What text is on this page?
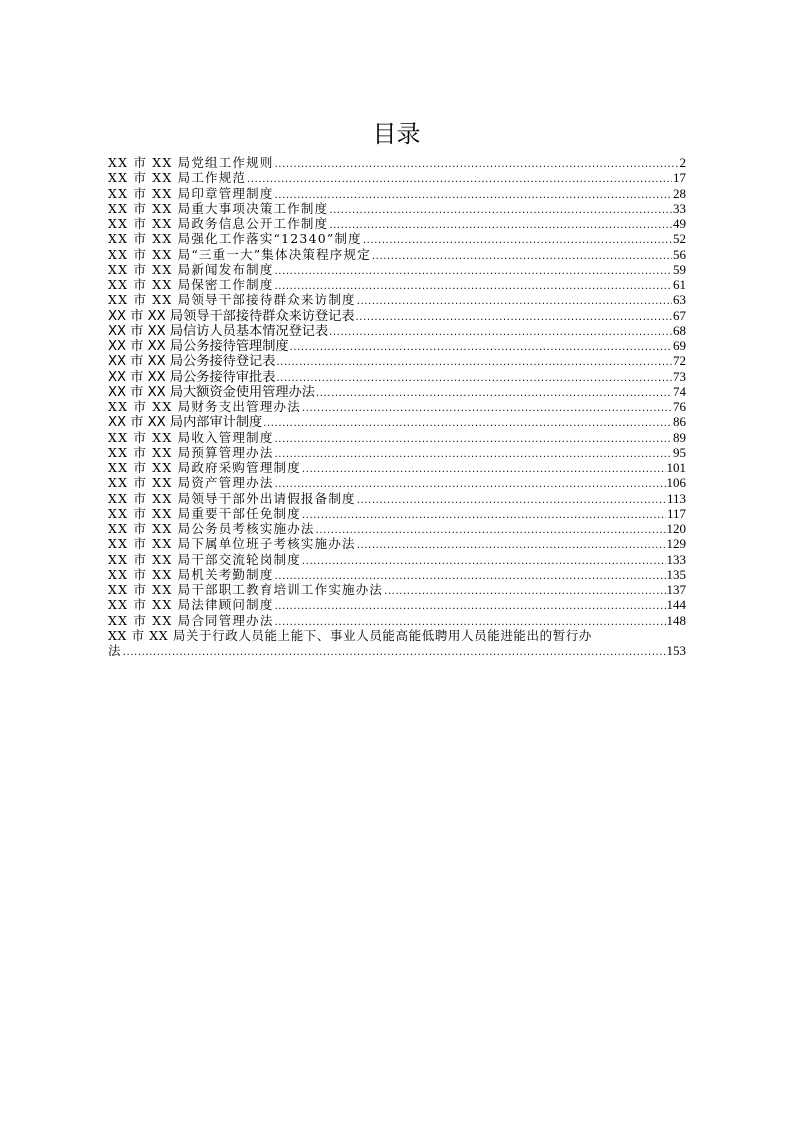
目录
XX 市 XX 局党组工作规则 .....	2
XX 市 XX 局工作规范 .....	17
XX 市 XX 局印章管理制度 .....	28
XX 市 XX 局重大事项决策工作制度 .....	33
XX 市 XX 局政务信息公开工作制度 .....	49
XX 市 XX 局强化工作落实“12340”制度 .....	52
XX 市 XX 局“三重一大”集体决策程序规定 .....	56
XX 市 XX 局新闻发布制度 .....	59
XX 市 XX 局保密工作制度 .....	61
XX 市 XX 局领导干部接待群众来访制度 .....	63
XX 市 XX 局领导干部接待群众来访登记表 .....	67
XX 市 XX 局信访人员基本情况登记表 .....	68
XX 市 XX 局公务接待管理制度 .....	69
XX 市 XX 局公务接待登记表 .....	72
XX 市 XX 局公务接待审批表 .....	73
XX 市 XX 局大额资金使用管理办法 .....	74
XX 市 XX 局财务支出管理办法 .....	76
XX 市 XX 局内部审计制度 .....	86
XX 市 XX 局收入管理制度 .....	89
XX 市 XX 局预算管理办法 .....	95
XX 市 XX 局政府采购管理制度 .....	101
XX 市 XX 局资产管理办法 .....	106
XX 市 XX 局领导干部外出请假报备制度 .....	113
XX 市 XX 局重要干部任免制度 .....	117
XX 市 XX 局公务员考核实施办法 .....	120
XX 市 XX 局下属单位班子考核实施办法 .....	129
XX 市 XX 局干部交流轮岗制度 .....	133
XX 市 XX 局机关考勤制度 .....	135
XX 市 XX 局干部职工教育培训工作实施办法 .....	137
XX 市 XX 局法律顾问制度 .....	144
XX 市 XX 局合同管理办法 .....	148
XX 市 XX 局关于行政人员能上能下、事业人员能高能低聘用人员能进能出的暂行办
法 .....	153
